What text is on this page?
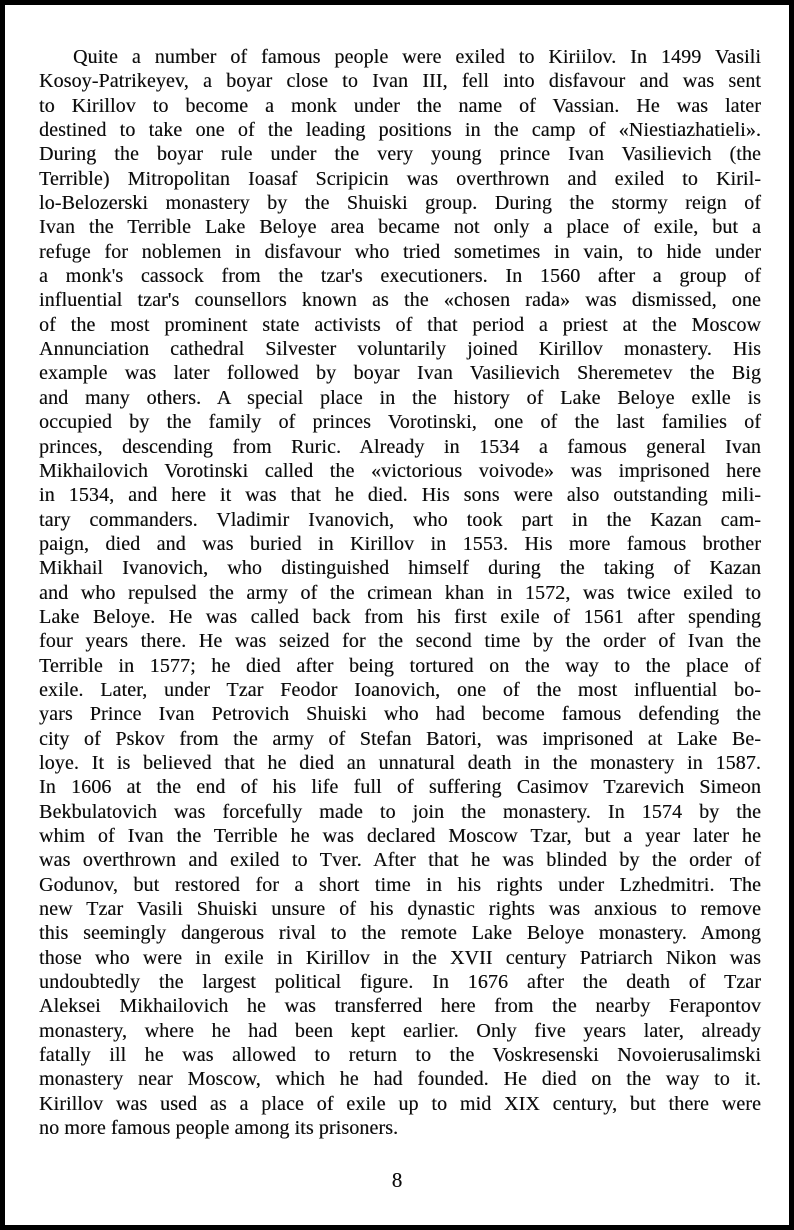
Quite a number of famous people were exiled to Kiriilov. In 1499 Vasili
Kosoy-Patrikeyev, a boyar close to Ivan III, fell into disfavour and was sent
to Kirillov to become a monk under the name of Vassian. He was later
destined to take one of the leading positions in the camp of «Niestiazhatieli».
During the boyar rule under the very young prince Ivan Vasilievich (the
Terrible) Mitropolitan Ioasaf Scripicin was overthrown and exiled to Kiril-
lo-Belozerski monastery by the Shuiski group. During the stormy reign of
Ivan the Terrible Lake Beloye area became not only a place of exile, but a
refuge for noblemen in disfavour who tried sometimes in vain, to hide under
a monk's cassock from the tzar's executioners. In 1560 after a group of
influential tzar's counsellors known as the «chosen rada» was dismissed, one
of the most prominent state activists of that period a priest at the Moscow
Annunciation cathedral Silvester voluntarily joined Kirillov monastery. His
example was later followed by boyar Ivan Vasilievich Sheremetev the Big
and many others. A special place in the history of Lake Beloye exlle is
occupied by the family of princes Vorotinski, one of the last families of
princes, descending from Ruric. Already in 1534 a famous general Ivan
Mikhailovich Vorotinski called the «victorious voivode» was imprisoned here
in 1534, and here it was that he died. His sons were also outstanding mili-
tary commanders. Vladimir Ivanovich, who took part in the Kazan cam-
paign, died and was buried in Kirillov in 1553. His more famous brother
Mikhail Ivanovich, who distinguished himself during the taking of Kazan
and who repulsed the army of the crimean khan in 1572, was twice exiled to
Lake Beloye. He was called back from his first exile of 1561 after spending
four years there. He was seized for the second time by the order of Ivan the
Terrible in 1577; he died after being tortured on the way to the place of
exile. Later, under Tzar Feodor Ioanovich, one of the most influential bo-
yars Prince Ivan Petrovich Shuiski who had become famous defending the
city of Pskov from the army of Stefan Batori, was imprisoned at Lake Be-
loye. It is believed that he died an unnatural death in the monastery in 1587.
In 1606 at the end of his life full of suffering Casimov Tzarevich Simeon
Bekbulatovich was forcefully made to join the monastery. In 1574 by the
whim of Ivan the Terrible he was declared Moscow Tzar, but a year later he
was overthrown and exiled to Tver. After that he was blinded by the order of
Godunov, but restored for a short time in his rights under Lzhedmitri. The
new Tzar Vasili Shuiski unsure of his dynastic rights was anxious to remove
this seemingly dangerous rival to the remote Lake Beloye monastery. Among
those who were in exile in Kirillov in the XVII century Patriarch Nikon was
undoubtedly the largest political figure. In 1676 after the death of Tzar
Aleksei Mikhailovich he was transferred here from the nearby Ferapontov
monastery, where he had been kept earlier. Only five years later, already
fatally ill he was allowed to return to the Voskresenski Novoierusalimski
monastery near Moscow, which he had founded. He died on the way to it.
Kirillov was used as a place of exile up to mid XIX century, but there were
no more famous people among its prisoners.
8
